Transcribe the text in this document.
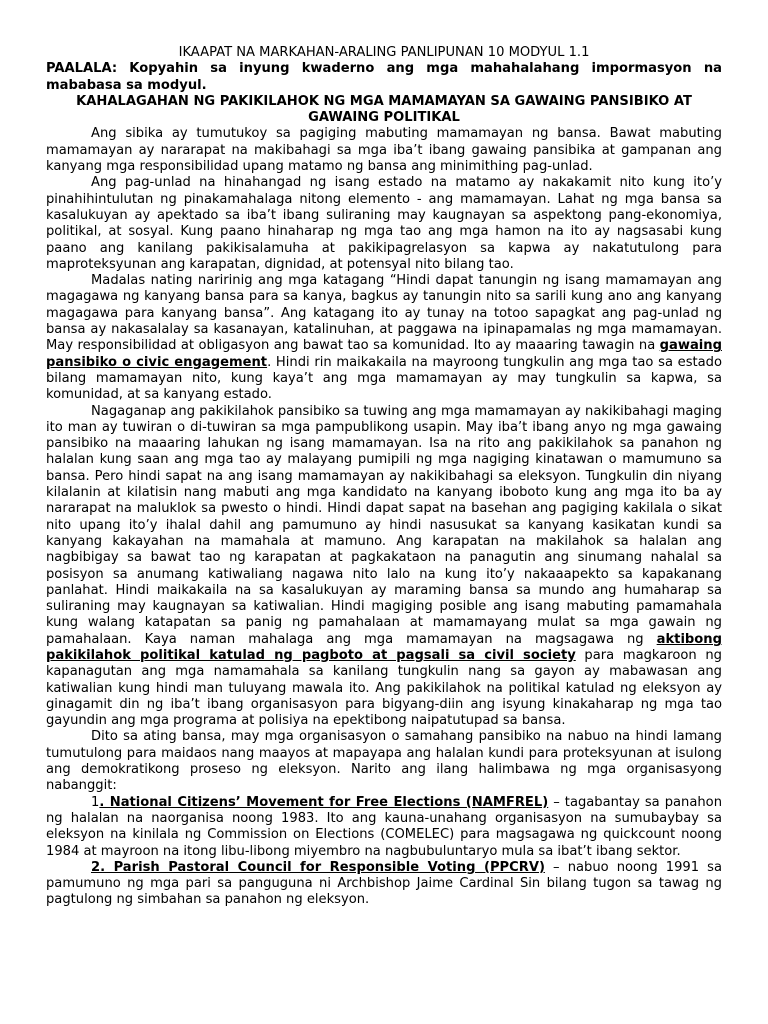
IKAAPAT NA MARKAHAN-ARALING PANLIPUNAN 10 MODYUL 1.1
PAALALA: Kopyahin sa inyung kwaderno ang mga mahahalahang impormasyon na mababasa sa modyul.
KAHALAGAHAN NG PAKIKILAHOK NG MGA MAMAMAYAN SA GAWAING PANSIBIKO AT GAWAING POLITIKAL

Ang sibika ay tumutukoy sa pagiging mabuting mamamayan ng bansa. Bawat mabuting mamamayan ay nararapat na makibahagi sa mga iba’t ibang gawaing pansibika at gampanan ang kanyang mga responsibilidad upang matamo ng bansa ang minimithing pag-unlad.

Ang pag-unlad na hinahangad ng isang estado na matamo ay nakakamit nito kung ito’y pinahihintulutan ng pinakamahalaga nitong elemento - ang mamamayan. Lahat ng mga bansa sa kasalukuyan ay apektado sa iba’t ibang suliraning may kaugnayan sa aspektong pang-ekonomiya, politikal, at sosyal. Kung paano hinaharap ng mga tao ang mga hamon na ito ay nagsasabi kung paano ang kanilang pakikisalamuha at pakikipagrelasyon sa kapwa ay nakatutulong para maproteksyunan ang karapatan, dignidad, at potensyal nito bilang tao.

Madalas nating naririnig ang mga katagang “Hindi dapat tanungin ng isang mamamayan ang magagawa ng kanyang bansa para sa kanya, bagkus ay tanungin nito sa sarili kung ano ang kanyang magagawa para kanyang bansa”. Ang katagang ito ay tunay na totoo sapagkat ang pag-unlad ng bansa ay nakasalalay sa kasanayan, katalinuhan, at paggawa na ipinapamalas ng mga mamamayan. May responsibilidad at obligasyon ang bawat tao sa komunidad. Ito ay maaaring tawagin na gawaing pansibiko o civic engagement. Hindi rin maikakaila na mayroong tungkulin ang mga tao sa estado bilang mamamayan nito, kung kaya’t ang mga mamamayan ay may tungkulin sa kapwa, sa komunidad, at sa kanyang estado.

Nagaganap ang pakikilahok pansibiko sa tuwing ang mga mamamayan ay nakikibahagi maging ito man ay tuwiran o di-tuwiran sa mga pampublikong usapin. May iba’t ibang anyo ng mga gawaing pansibiko na maaaring lahukan ng isang mamamayan. Isa na rito ang pakikilahok sa panahon ng halalan kung saan ang mga tao ay malayang pumipili ng mga nagiging kinatawan o mamumuno sa bansa. Pero hindi sapat na ang isang mamamayan ay nakikibahagi sa eleksyon. Tungkulin din niyang kilalanin at kilatisin nang mabuti ang mga kandidato na kanyang iboboto kung ang mga ito ba ay nararapat na maluklok sa pwesto o hindi. Hindi dapat sapat na basehan ang pagiging kakilala o sikat nito upang ito’y ihalal dahil ang pamumuno ay hindi nasusukat sa kanyang kasikatan kundi sa kanyang kakayahan na mamahala at mamuno. Ang karapatan na makilahok sa halalan ang nagbibigay sa bawat tao ng karapatan at pagkakataon na panagutin ang sinumang nahalal sa posisyon sa anumang katiwaliang nagawa nito lalo na kung ito’y nakaaapekto sa kapakanang panlahat. Hindi maikakaila na sa kasalukuyan ay maraming bansa sa mundo ang humaharap sa suliraning may kaugnayan sa katiwalian. Hindi magiging posible ang isang mabuting pamamahala kung walang katapatan sa panig ng pamahalaan at mamamayang mulat sa mga gawain ng pamahalaan. Kaya naman mahalaga ang mga mamamayan na magsagawa ng aktibong pakikilahok politikal katulad ng pagboto at pagsali sa civil society para magkaroon ng kapanagutan ang mga namamahala sa kanilang tungkulin nang sa gayon ay mabawasan ang katiwalian kung hindi man tuluyang mawala ito. Ang pakikilahok na politikal katulad ng eleksyon ay ginagamit din ng iba’t ibang organisasyon para bigyang-diin ang isyung kinakaharap ng mga tao gayundin ang mga programa at polisiya na epektibong naipatutupad sa bansa.

Dito sa ating bansa, may mga organisasyon o samahang pansibiko na nabuo na hindi lamang tumutulong para maidaos nang maayos at mapayapa ang halalan kundi para proteksyunan at isulong ang demokratikong proseso ng eleksyon. Narito ang ilang halimbawa ng mga organisasyong nabanggit:

1. National Citizens’ Movement for Free Elections (NAMFREL) – tagabantay sa panahon ng halalan na naorganisa noong 1983. Ito ang kauna-unahang organisasyon na sumubaybay sa eleksyon na kinilala ng Commission on Elections (COMELEC) para magsagawa ng quickcount noong 1984 at mayroon na itong libu-libong miyembro na nagbubuluntaryo mula sa ibat’t ibang sektor.

2. Parish Pastoral Council for Responsible Voting (PPCRV) – nabuo noong 1991 sa pamumuno ng mga pari sa panguguna ni Archbishop Jaime Cardinal Sin bilang tugon sa tawag ng pagtulong ng simbahan sa panahon ng eleksyon.
